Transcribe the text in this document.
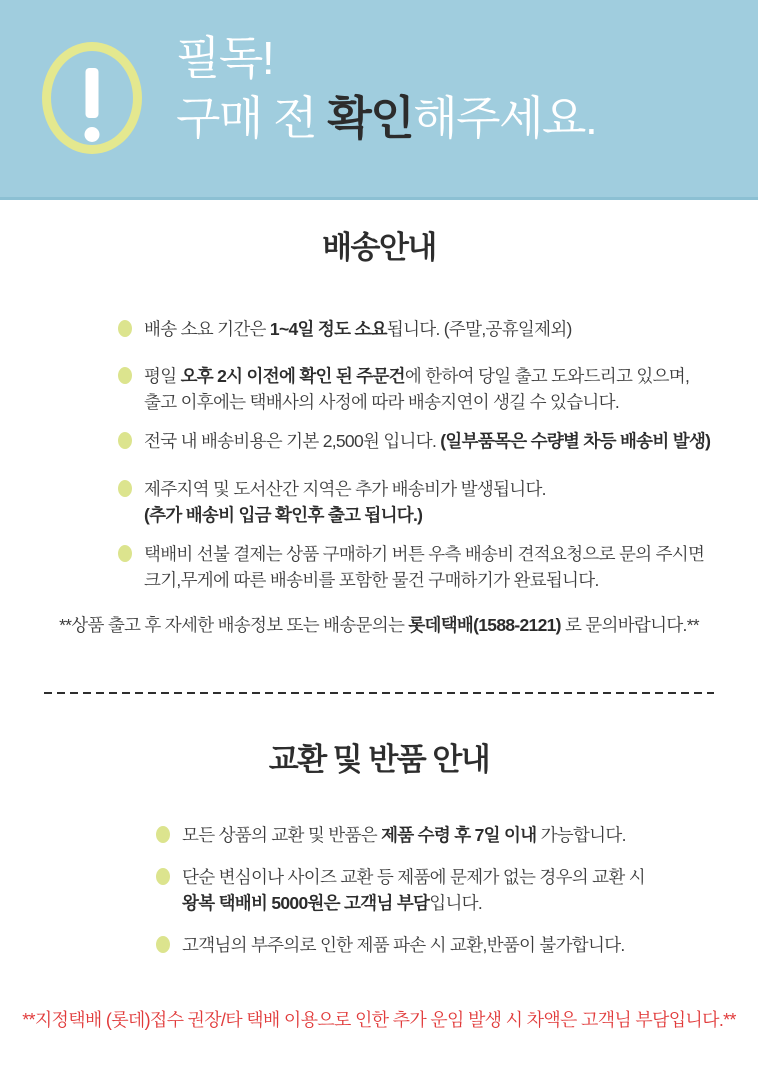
필독!
구매 전 확인해주세요.
배송안내
배송 소요 기간은 1~4일 정도 소요됩니다. (주말,공휴일제외)
평일 오후 2시 이전에 확인 된 주문건에 한하여 당일 출고 도와드리고 있으며,
출고 이후에는 택배사의 사정에 따라 배송지연이 생길 수 있습니다.
전국 내 배송비용은 기본 2,500원 입니다. (일부품목은 수량별 차등 배송비 발생)
제주지역 및 도서산간 지역은 추가 배송비가 발생됩니다.
(추가 배송비 입금 확인후 출고 됩니다.)
택배비 선불 결제는 상품 구매하기 버튼 우측 배송비 견적요청으로 문의 주시면
크기,무게에 따른 배송비를 포함한 물건 구매하기가 완료됩니다.
**상품 출고 후 자세한 배송정보 또는 배송문의는 롯데택배(1588-2121) 로 문의바랍니다.**
교환 및 반품 안내
모든 상품의 교환 및 반품은 제품 수령 후 7일 이내 가능합니다.
단순 변심이나 사이즈 교환 등 제품에 문제가 없는 경우의 교환 시
왕복 택배비 5000원은 고객님 부담입니다.
고객님의 부주의로 인한 제품 파손 시 교환,반품이 불가합니다.
**지정택배 (롯데)접수 권장/타 택배 이용으로 인한 추가 운임 발생 시 차액은 고객님 부담입니다.**
